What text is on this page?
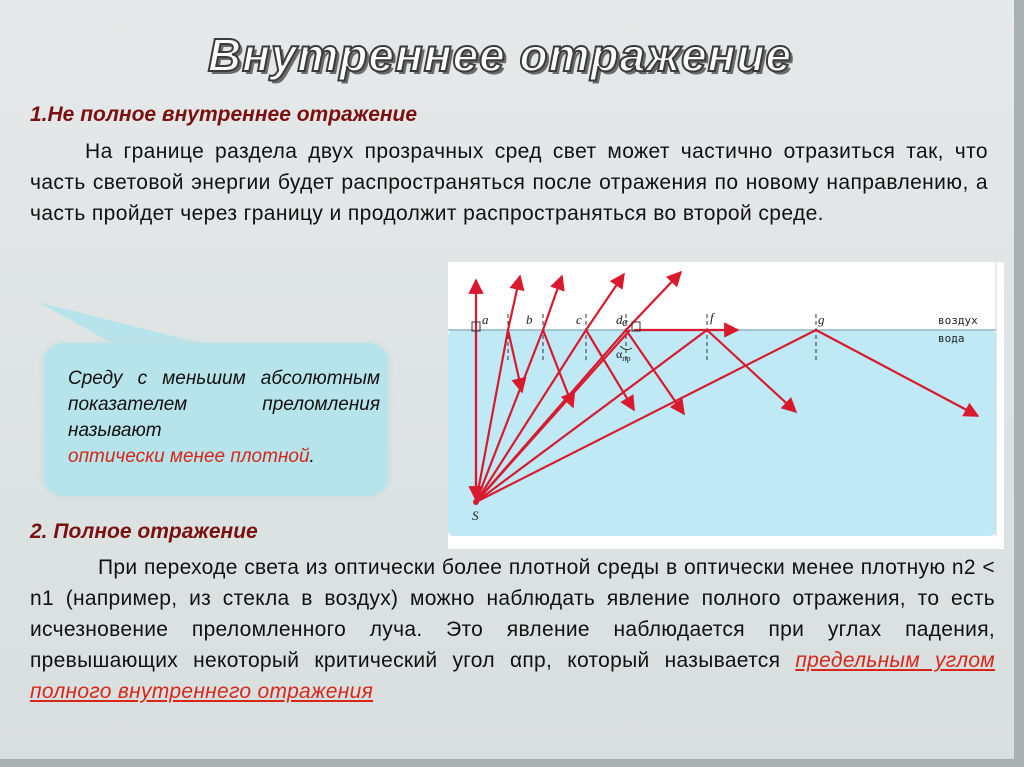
Внутреннее отражение
1.Не полное внутреннее отражение
На границе раздела двух прозрачных сред свет может частично отразиться так, что часть световой энергии будет распространяться после отражения по новому направлению, а часть пройдет через границу и продолжит распространяться во второй среде.
Среду с меньшим абсолютным показателем преломления называют
оптически менее плотной.
a	b	c	d e	f	g
S
$\alpha_{пр}$
воздух
вода
2. Полное отражение
При переходе света из оптически более плотной среды в оптически менее плотную n2 < n1 (например, из стекла в воздух) можно наблюдать явление полного отражения, то есть исчезновение преломленного луча. Это явление наблюдается при углах падения, превышающих некоторый критический угол αпр, который называется предельным углом полного внутреннего отражения
